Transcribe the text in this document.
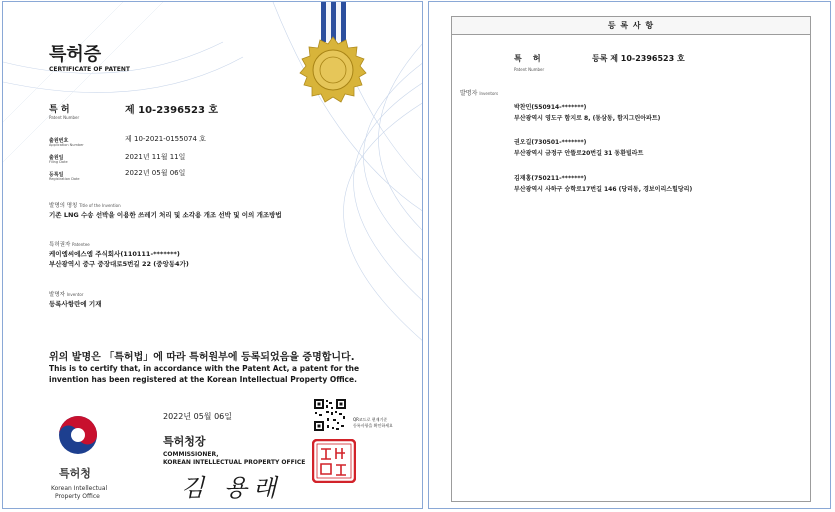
특허증
CERTIFICATE OF PATENT
특 허
Patent Number
제 10-2396523 호
출원번호
Application Number
제 10-2021-0155074 호
출원일
Filing Date
2021년 11월 11일
등록일
Registration Date
2022년 05월 06일
발명의 명칭 Title of the Invention
기존 LNG 수송 선박을 이용한 쓰레기 처리 및 소각용 개조 선박 및 이의 개조방법
특허권자 Patentee
케이엠씨에스엠 주식회사(110111-*******)
부산광역시 중구 중장대로5번길 22 (중앙동4가)
발명자 Inventor
등록사항란에 기재
위의 발명은 「특허법」에 따라 특허원부에 등록되었음을 증명합니다.
This is to certify that, in accordance with the Patent Act, a patent for the
invention has been registered at the Korean Intellectual Property Office.
2022년 05월 06일	QR코드로 현재기준
등록사항을 확인하세요
특허청장
COMMISSIONER,
KOREAN INTELLECTUAL PROPERTY OFFICE
김 용래
특허청
Korean Intellectual
Property Office
등 록 사 항
특    허
Patent Number
등록 제 10-2396523 호
발명자 Inventors
박찬민(550914-*******)
부산광역시 영도구 함지로 8, (동삼동, 함지그린아파트)
권오길(730501-*******)
부산광역시 금정구 안뜰로20번길 31 동환빌라트
김재홍(750211-*******)
부산광역시 사하구 승학로17번길 146 (당리동, 경보이리스힐당리)
